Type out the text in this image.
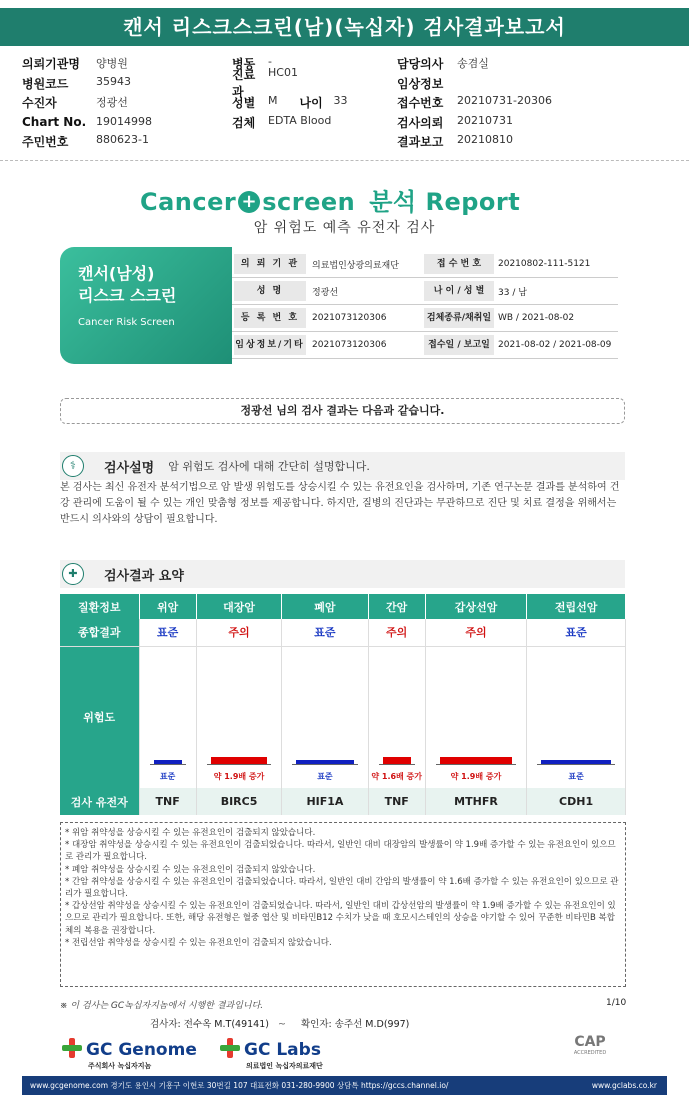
캔서 리스크스크린(남)(녹십자) 검사결과보고서
의뢰기관명	양병원	병동	-	담당의사	송겸실
병원코드	35943	진료과
HC01
임상정보
수진자	정광선	성별	M 나이 33	접수번호	20210731-20306
Chart No. 19014998	검체	EDTA Blood	검사의뢰	20210731
주민번호	880623-1	결과보고	20210810
Cancer + screen 분석 Report
암 위험도 예측 유전자 검사
캔서(남성)
리스크 스크린
Cancer Risk Screen
의 뢰 기 관	의료법인상광의료재단	접 수 번 호	20210802-111-5121
성 명	정광선	나 이 / 성 별	33 / 남
등 록 번 호	2021073120306	검체종류/채취일 WB / 2021-08-02
임상정보/기타 2021073120306	접수일 / 보고일 2021-08-02 / 2021-08-09
정광선 님의 검사 결과는 다음과 같습니다.
⚕	검사설명 암 위험도 검사에 대해 간단히 설명합니다.
본 검사는 최신 유전자 분석기법으로 암 발생 위험도를 상승시킬 수 있는 유전요인을 검사하며, 기존 연구논문 결과를 분석하여 건강 관리에 도움이 될 수 있는 개인 맞춤형 정보를 제공합니다. 하지만, 질병의 진단과는 무관하므로 진단 및 치료 결정을 위해서는 반드시 의사와의 상담이 필요합니다.
✚	검사결과 요약
질환정보	위암	대장암	폐암	간암	갑상선암	전립선암
종합결과	표준	주의	표준	주의	주의	표준
위험도	표준	약 1.9배 증가	표준	약 1.6배 증가	약 1.9배 증가	표준

검사 유전자	TNF	BIRC5	HIF1A	TNF	MTHFR	CDH1
* 위암 취약성을 상승시킬 수 있는 유전요인이 검출되지 않았습니다.
* 대장암 취약성을 상승시킬 수 있는 유전요인이 검출되었습니다. 따라서, 일반인 대비 대장암의 발생률이 약 1.9배 증가할 수 있는 유전요인이 있으므로 관리가 필요합니다.
* 폐암 취약성을 상승시킬 수 있는 유전요인이 검출되지 않았습니다.
* 간암 취약성을 상승시킬 수 있는 유전요인이 검출되었습니다. 따라서, 일반인 대비 간암의 발생률이 약 1.6배 증가할 수 있는 유전요인이 있으므로 관리가 필요합니다.
* 갑상선암 취약성을 상승시킬 수 있는 유전요인이 검출되었습니다. 따라서, 일반인 대비 갑상선암의 발생률이 약 1.9배 증가할 수 있는 유전요인이 있으므로 관리가 필요합니다. 또한, 해당 유전형은 혈중 엽산 및 비타민B12 수치가 낮을 때 호모시스테인의 상승을 야기할 수 있어 꾸준한 비타민B 복합체의 복용을 권장합니다.
* 전립선암 취약성을 상승시킬 수 있는 유전요인이 검출되지 않았습니다.
※ 이 검사는 GC녹십자지놈에서 시행한 결과입니다.	1/10
검사자: 전수옥 M.T(49141) ~ 확인자: 송주선 M.D(997)
GC Genome
주식회사 녹십자지놈
GC Labs
의료법인 녹십자의료재단
CAP
ACCREDITED
www.gcgenome.com 경기도 용인시 기흥구 이현로 30번길 107 대표전화 031-280-9900 상담톡 https://gccs.channel.io/	www.gclabs.co.kr
